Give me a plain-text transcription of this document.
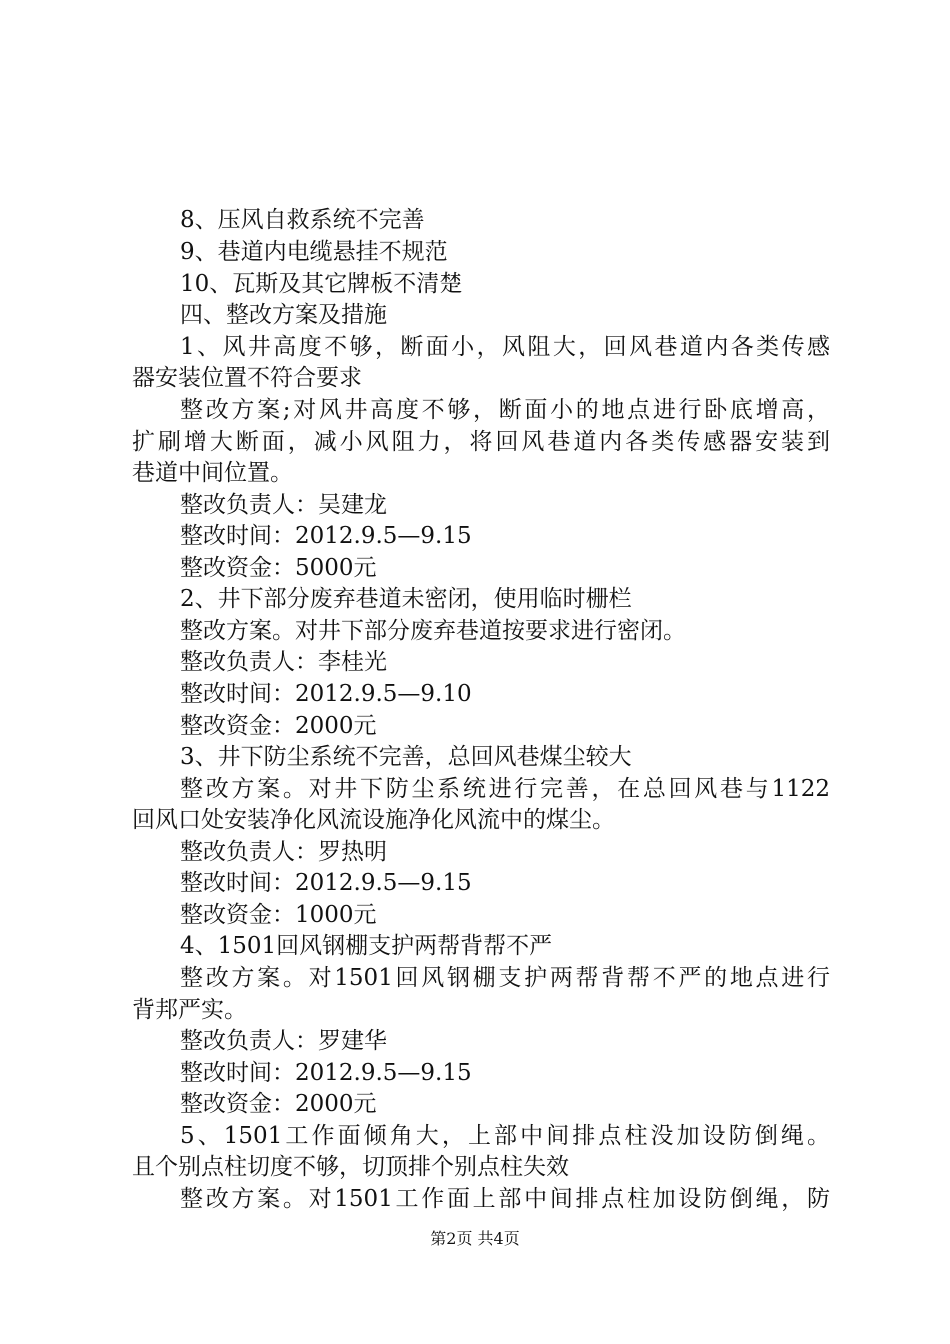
8、压风自救系统不完善
9、巷道内电缆悬挂不规范
10、瓦斯及其它牌板不清楚
四、整改方案及措施
1、风井高度不够，断面小，风阻大，回风巷道内各类传感
器安装位置不符合要求
整改方案;对风井高度不够，断面小的地点进行卧底增高，
扩刷增大断面，减小风阻力，将回风巷道内各类传感器安装到
巷道中间位置。
整改负责人：吴建龙
整改时间：2012.9.5—9.15
整改资金：5000元
2、井下部分废弃巷道未密闭，使用临时栅栏
整改方案。对井下部分废弃巷道按要求进行密闭。
整改负责人：李桂光
整改时间：2012.9.5—9.10
整改资金：2000元
3、井下防尘系统不完善，总回风巷煤尘较大
整改方案。对井下防尘系统进行完善，在总回风巷与1122
回风口处安装净化风流设施净化风流中的煤尘。
整改负责人：罗热明
整改时间：2012.9.5—9.15
整改资金：1000元
4、1501回风钢棚支护两帮背帮不严
整改方案。对1501回风钢棚支护两帮背帮不严的地点进行
背邦严实。
整改负责人：罗建华
整改时间：2012.9.5—9.15
整改资金：2000元
5、1501工作面倾角大，上部中间排点柱没加设防倒绳。
且个别点柱切度不够，切顶排个别点柱失效
整改方案。对1501工作面上部中间排点柱加设防倒绳，防
第2页 共4页
